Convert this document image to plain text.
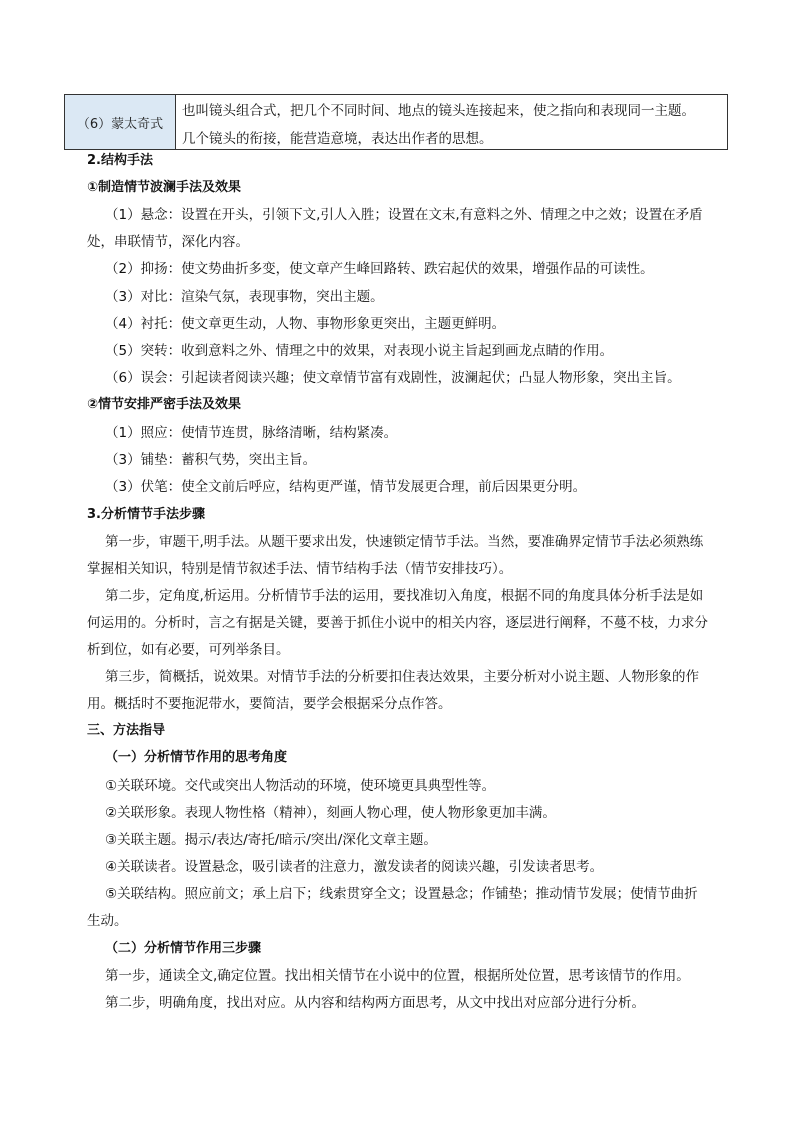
（6）蒙太奇式
也叫镜头组合式，把几个不同时间、地点的镜头连接起来，使之指向和表现同一主题。
几个镜头的衔接，能营造意境，表达出作者的思想。
2.结构手法
①制造情节波澜手法及效果
（1）悬念：设置在开头，引领下文,引人入胜；设置在文末,有意料之外、情理之中之效；设置在矛盾
处，串联情节，深化内容。
（2）抑扬：使文势曲折多变，使文章产生峰回路转、跌宕起伏的效果，增强作品的可读性。
（3）对比：渲染气氛，表现事物，突出主题。
（4）衬托：使文章更生动，人物、事物形象更突出，主题更鲜明。
（5）突转：收到意料之外、情理之中的效果，对表现小说主旨起到画龙点睛的作用。
（6）误会：引起读者阅读兴趣；使文章情节富有戏剧性，波澜起伏；凸显人物形象，突出主旨。
②情节安排严密手法及效果
（1）照应：使情节连贯，脉络清晰，结构紧凑。
（3）铺垫：蓄积气势，突出主旨。
（3）伏笔：使全文前后呼应，结构更严谨，情节发展更合理，前后因果更分明。
3.分析情节手法步骤
第一步，审题干,明手法。从题干要求出发，快速锁定情节手法。当然，要准确界定情节手法必须熟练
掌握相关知识，特别是情节叙述手法、情节结构手法（情节安排技巧）。
第二步，定角度,析运用。分析情节手法的运用，要找准切入角度，根据不同的角度具体分析手法是如
何运用的。分析时，言之有据是关键，要善于抓住小说中的相关内容，逐层进行阐释，不蔓不枝，力求分
析到位，如有必要，可列举条目。
第三步，简概括，说效果。对情节手法的分析要扣住表达效果，主要分析对小说主题、人物形象的作
用。概括时不要拖泥带水，要简洁，要学会根据采分点作答。
三、方法指导
（一）分析情节作用的思考角度
①关联环境。交代或突出人物活动的环境，使环境更具典型性等。
②关联形象。表现人物性格（精神），刻画人物心理，使人物形象更加丰满。
③关联主题。揭示/表达/寄托/暗示/突出/深化文章主题。
④关联读者。设置悬念，吸引读者的注意力，激发读者的阅读兴趣，引发读者思考。
⑤关联结构。照应前文；承上启下；线索贯穿全文；设置悬念；作铺垫；推动情节发展；使情节曲折
生动。
（二）分析情节作用三步骤
第一步，通读全文,确定位置。找出相关情节在小说中的位置，根据所处位置，思考该情节的作用。
第二步，明确角度，找出对应。从内容和结构两方面思考，从文中找出对应部分进行分析。
